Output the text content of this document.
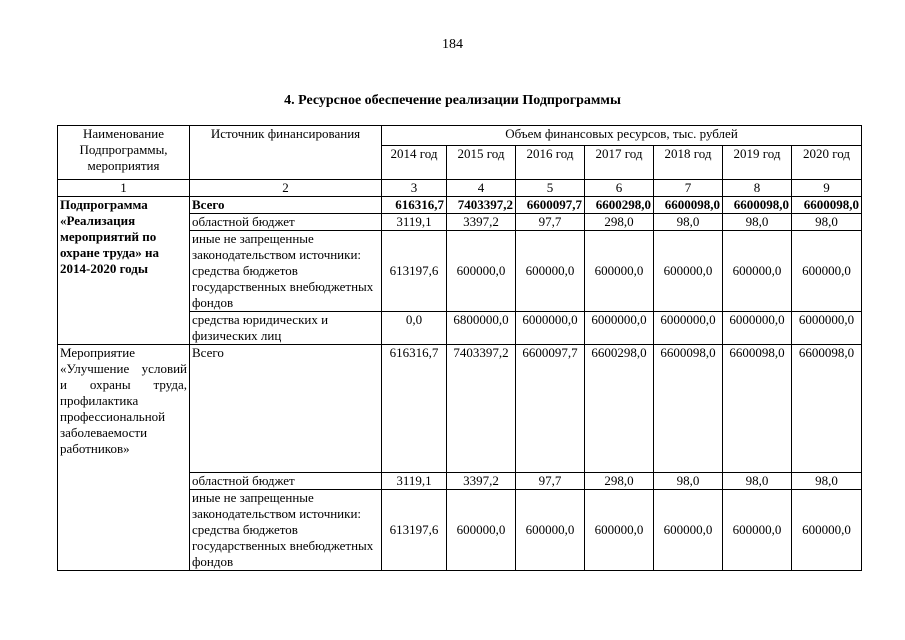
184
4. Ресурсное обеспечение реализации Подпрограммы
Наименование Подпрограммы, мероприятия	Источник финансирования	Объем финансовых ресурсов, тыс. рублей						
		2014 год	2015 год	2016 год	2017 год	2018 год	2019 год	2020 год
1	2	3	4	5	6	7	8	9
Подпрограмма «Реализация мероприятий по охране труда» на 2014-2020 годы	Всего	616316,7	7403397,2	6600097,7	6600298,0	6600098,0	6600098,0	6600098,0
	областной бюджет	3119,1	3397,2	97,7	298,0	98,0	98,0	98,0
	иные не запрещенные законодательством источники: средства бюджетов государственных внебюджетных фондов	613197,6	600000,0	600000,0	600000,0	600000,0	600000,0	600000,0

	средства юридических и физических лиц	0,0	6800000,0	6000000,0	6000000,0	6000000,0	6000000,0	6000000,0
Мероприятие «Улучшение условий и охраны труда, профилактика профессиональной заболеваемости работников»	Всего	616316,7	7403397,2	6600097,7	6600298,0	6600098,0	6600098,0	6600098,0
	областной бюджет	3119,1	3397,2	97,7	298,0	98,0	98,0	98,0
	иные не запрещенные законодательством источники: средства бюджетов государственных внебюджетных фондов	613197,6	600000,0	600000,0	600000,0	600000,0	600000,0	600000,0
